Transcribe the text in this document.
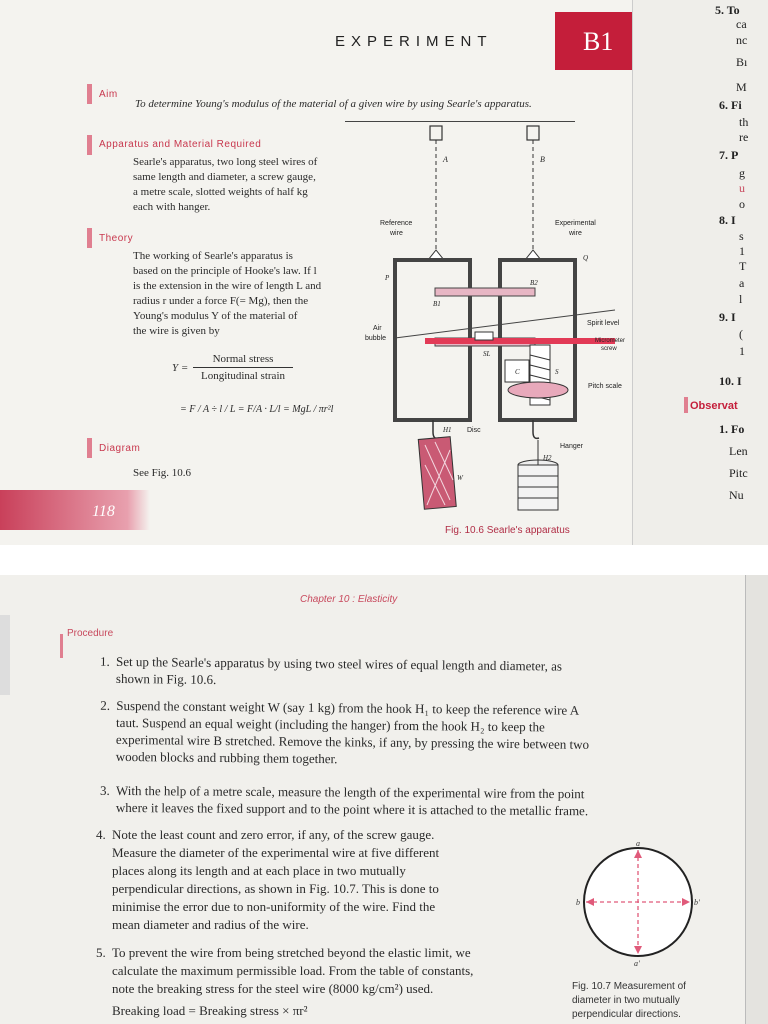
EXPERIMENT	B1
Aim
To determine Young's modulus of the material of a given wire by using Searle's apparatus.
Apparatus and Material Required
Searle's apparatus, two long steel wires of
same length and diameter, a screw gauge,
a metre scale, slotted weights of half kg
each with hanger.
Theory
The working of Searle's apparatus is
based on the principle of Hooke's law. If l
is the extension in the wire of length L and
radius r under a force F(= Mg), then the
Young's modulus Y of the material of
the wire is given by
Y =
Normal stress
Longitudinal strain
= F / A ÷ l / L = F/A · L/l = MgL / πr²l
Diagram
See Fig. 10.6
118
A	B
Reference
wire
Experimental
wire
P
Q
B1
B2
Air
bubble
Spirit level
Micrometer
screw
SL
C	S
Pitch scale
H1 Disc
Hanger
H2
W
Fig. 10.6 Searle's apparatus
5. To
ca
nc
Bı
M
6. Fi
th
re
7. P
g
u
o
8. I
s
1
T
a
l
9. I
(
1
10. I
Observat
1. Fo
Len
Pitc
Nu
Chapter 10 : Elasticity
Procedure
1. Set up the Searle's apparatus by using two steel wires of equal length and diameter, as
shown in Fig. 10.6.
2. Suspend the constant weight W (say 1 kg) from the hook H₁ to keep the reference wire A
taut. Suspend an equal weight (including the hanger) from the hook H₂ to keep the
experimental wire B stretched. Remove the kinks, if any, by pressing the wire between two
wooden blocks and rubbing them together.
3. With the help of a metre scale, measure the length of the experimental wire from the point
where it leaves the fixed support and to the point where it is attached to the metallic frame.
4. Note the least count and zero error, if any, of the screw gauge.
Measure the diameter of the experimental wire at five different
places along its length and at each place in two mutually
perpendicular directions, as shown in Fig. 10.7. This is done to
minimise the error due to non-uniformity of the wire. Find the
mean diameter and radius of the wire.
5. To prevent the wire from being stretched beyond the elastic limit, we
calculate the maximum permissible load. From the table of constants,
note the breaking stress for the steel wire (8000 kg/cm²) used.
Breaking load = Breaking stress × πr²
a
a'
b	b'
Fig. 10.7 Measurement of
diameter in two mutually
perpendicular directions.
